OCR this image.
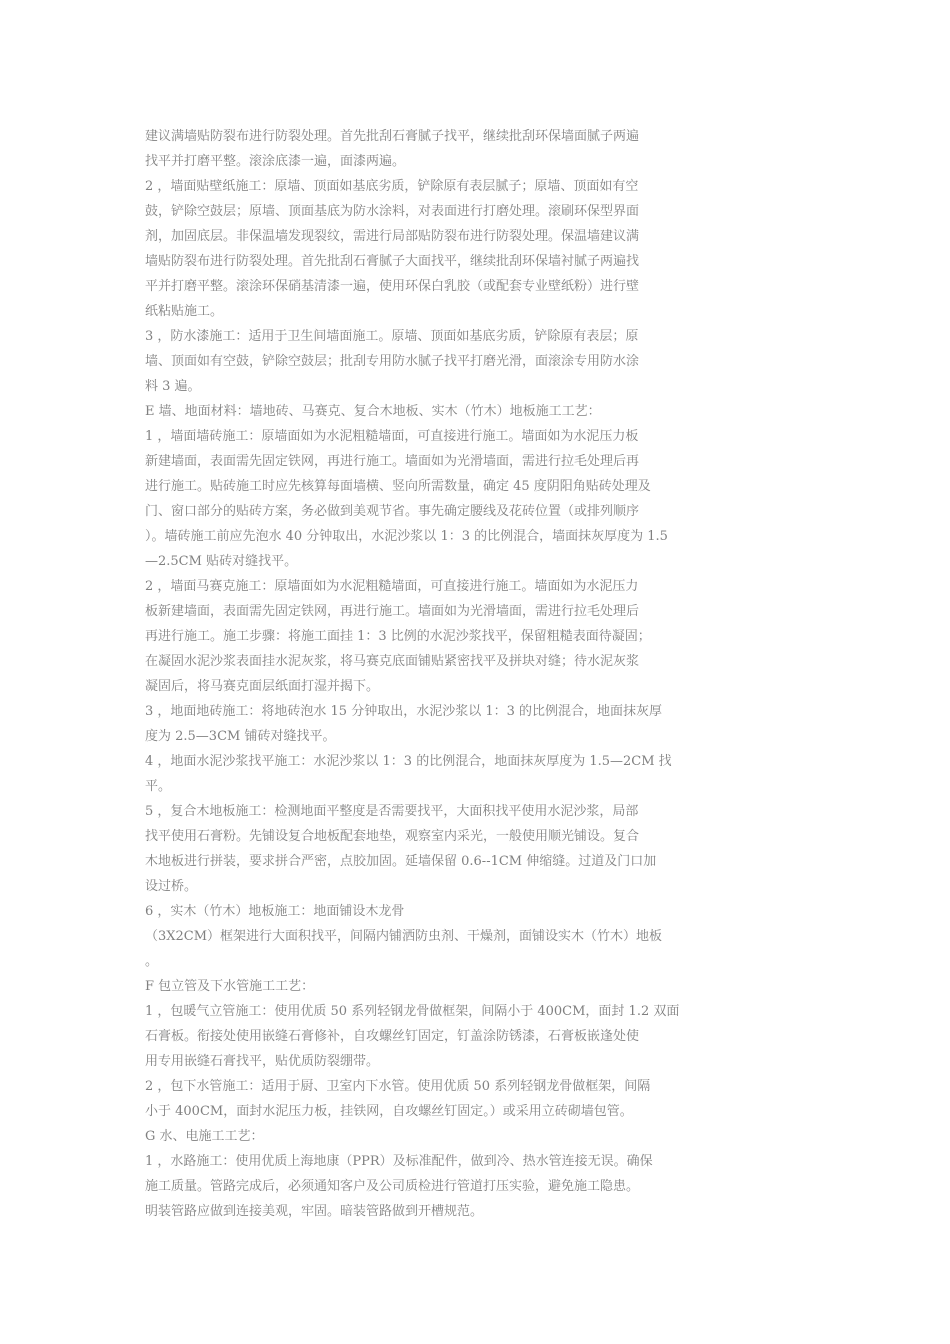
建议满墙贴防裂布进行防裂处理。首先批刮石膏腻子找平，继续批刮环保墙面腻子两遍
找平并打磨平整。滚涂底漆一遍，面漆两遍。
2 ，墙面贴壁纸施工：原墙、顶面如基底劣质，铲除原有表层腻子；原墙、顶面如有空
鼓，铲除空鼓层；原墙、顶面基底为防水涂料，对表面进行打磨处理。滚刷环保型界面
剂，加固底层。非保温墙发现裂纹，需进行局部贴防裂布进行防裂处理。保温墙建议满
墙贴防裂布进行防裂处理。首先批刮石膏腻子大面找平，继续批刮环保墙衬腻子两遍找
平并打磨平整。滚涂环保硝基清漆一遍，使用环保白乳胶（或配套专业壁纸粉）进行壁
纸粘贴施工。
3 ，防水漆施工：适用于卫生间墙面施工。原墙、顶面如基底劣质，铲除原有表层；原
墙、顶面如有空鼓，铲除空鼓层；批刮专用防水腻子找平打磨光滑，面滚涂专用防水涂
料 3 遍。
E 墙、地面材料：墙地砖、马赛克、复合木地板、实木（竹木）地板施工工艺：
1 ，墙面墙砖施工：原墙面如为水泥粗糙墙面，可直接进行施工。墙面如为水泥压力板
新建墙面，表面需先固定铁网，再进行施工。墙面如为光滑墙面，需进行拉毛处理后再
进行施工。贴砖施工时应先核算每面墙横、竖向所需数量，确定 45 度阴阳角贴砖处理及
门、窗口部分的贴砖方案，务必做到美观节省。事先确定腰线及花砖位置（或排列顺序
）。墙砖施工前应先泡水 40 分钟取出，水泥沙浆以 1：3 的比例混合，墙面抹灰厚度为 1.5
—2.5CM 贴砖对缝找平。
2 ，墙面马赛克施工：原墙面如为水泥粗糙墙面，可直接进行施工。墙面如为水泥压力
板新建墙面，表面需先固定铁网，再进行施工。墙面如为光滑墙面，需进行拉毛处理后
再进行施工。施工步骤：将施工面挂 1：3 比例的水泥沙浆找平，保留粗糙表面待凝固；
在凝固水泥沙浆表面挂水泥灰浆，将马赛克底面铺贴紧密找平及拼块对缝；待水泥灰浆
凝固后，将马赛克面层纸面打湿并揭下。
3 ，地面地砖施工：将地砖泡水 15 分钟取出，水泥沙浆以 1：3 的比例混合，地面抹灰厚
度为 2.5—3CM 铺砖对缝找平。
4 ，地面水泥沙浆找平施工：水泥沙浆以 1：3 的比例混合，地面抹灰厚度为 1.5—2CM 找
平。
5 ，复合木地板施工：检测地面平整度是否需要找平，大面积找平使用水泥沙浆，局部
找平使用石膏粉。先铺设复合地板配套地垫，观察室内采光，一般使用顺光铺设。复合
木地板进行拼装，要求拼合严密，点胶加固。延墙保留 0.6--1CM 伸缩缝。过道及门口加
设过桥。
6 ，实木（竹木）地板施工：地面铺设木龙骨
（3X2CM）框架进行大面积找平，间隔内铺洒防虫剂、干燥剂，面铺设实木（竹木）地板
。
F 包立管及下水管施工工艺：
1 ，包暖气立管施工：使用优质 50 系列轻钢龙骨做框架，间隔小于 400CM，面封 1.2 双面
石膏板。衔接处使用嵌缝石膏修补，自攻螺丝钉固定，钉盖涂防锈漆，石膏板嵌逢处使
用专用嵌缝石膏找平，贴优质防裂绷带。
2 ，包下水管施工：适用于厨、卫室内下水管。使用优质 50 系列轻钢龙骨做框架，间隔
小于 400CM，面封水泥压力板，挂铁网，自攻螺丝钉固定。）或采用立砖砌墙包管。
G 水、电施工工艺：
1 ，水路施工：使用优质上海地康（PPR）及标准配件，做到冷、热水管连接无误。确保
施工质量。管路完成后，必须通知客户及公司质检进行管道打压实验，避免施工隐患。
明装管路应做到连接美观，牢固。暗装管路做到开槽规范。
